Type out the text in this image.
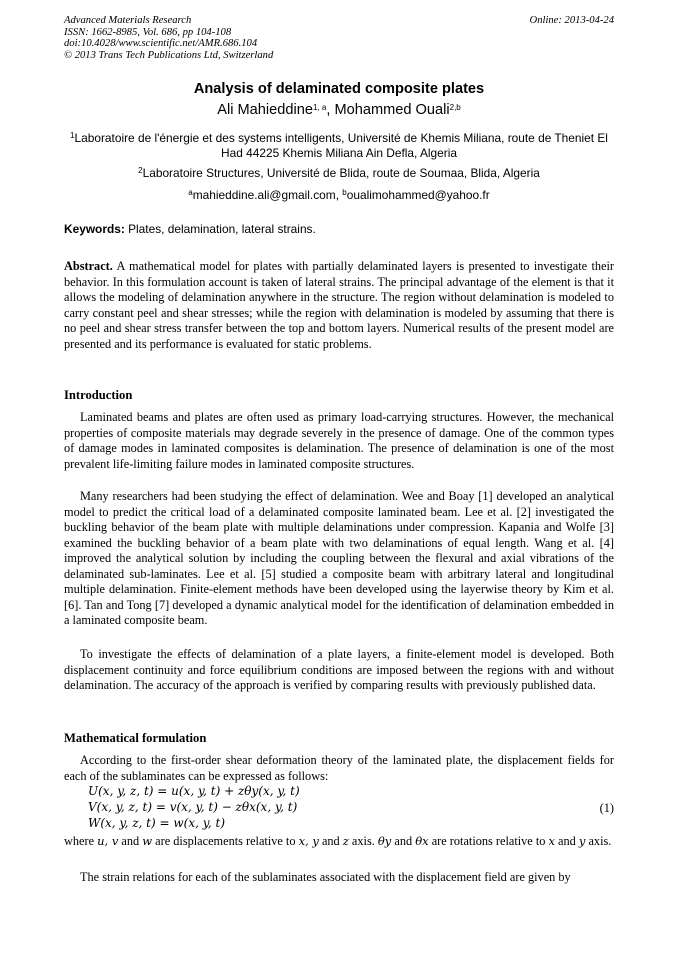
Advanced Materials Research
ISSN: 1662-8985, Vol. 686, pp 104-108
doi:10.4028/www.scientific.net/AMR.686.104
© 2013 Trans Tech Publications Ltd, Switzerland
Online: 2013-04-24
Analysis of delaminated composite plates
Ali Mahieddine$^{1, a}$, Mohammed Ouali$^{2,b}$
$^1$Laboratoire de l'énergie et des systems intelligents, Université de Khemis Miliana, route de Theniet El Had 44225 Khemis Miliana Ain Defla, Algeria
$^2$Laboratoire Structures, Université de Blida, route de Soumaa, Blida, Algeria
$^a$mahieddine.ali@gmail.com, $^b$oualimohammed@yahoo.fr
Keywords: Plates, delamination, lateral strains.
Abstract. A mathematical model for plates with partially delaminated layers is presented to investigate their behavior. In this formulation account is taken of lateral strains. The principal advantage of the element is that it allows the modeling of delamination anywhere in the structure. The region without delamination is modeled to carry constant peel and shear stresses; while the region with delamination is modeled by assuming that there is no peel and shear stress transfer between the top and bottom layers. Numerical results of the present model are presented and its performance is evaluated for static problems.
Introduction
Laminated beams and plates are often used as primary load-carrying structures. However, the mechanical properties of composite materials may degrade severely in the presence of damage. One of the common types of damage modes in laminated composites is delamination. The presence of delamination is one of the most prevalent life-limiting failure modes in laminated composite structures.
Many researchers had been studying the effect of delamination. Wee and Boay [1] developed an analytical model to predict the critical load of a delaminated composite laminated beam. Lee et al. [2] investigated the buckling behavior of the beam plate with multiple delaminations under compression. Kapania and Wolfe [3] examined the buckling behavior of a beam plate with two delaminations of equal length. Wang et al. [4] improved the analytical solution by including the coupling between the flexural and axial vibrations of the delaminated sub-laminates. Lee et al. [5] studied a composite beam with arbitrary lateral and longitudinal multiple delamination. Finite-element methods have been developed using the layerwise theory by Kim et al. [6]. Tan and Tong [7] developed a dynamic analytical model for the identification of delamination embedded in a laminated composite beam.
To investigate the effects of delamination of a plate layers, a finite-element model is developed. Both displacement continuity and force equilibrium conditions are imposed between the regions with and without delamination. The accuracy of the approach is verified by comparing results with previously published data.
Mathematical formulation
According to the first-order shear deformation theory of the laminated plate, the displacement fields for each of the sublaminates can be expressed as follows:
U(x, y, z, t) = u(x, y, t) + zθy(x, y, t)
V(x, y, z, t) = v(x, y, t) − zθx(x, y, t)
W(x, y, z, t) = w(x, y, t)
(1)
where u, v and w are displacements relative to x, y and z axis. θy and θx are rotations relative to x and y axis.
The strain relations for each of the sublaminates associated with the displacement field are given by
